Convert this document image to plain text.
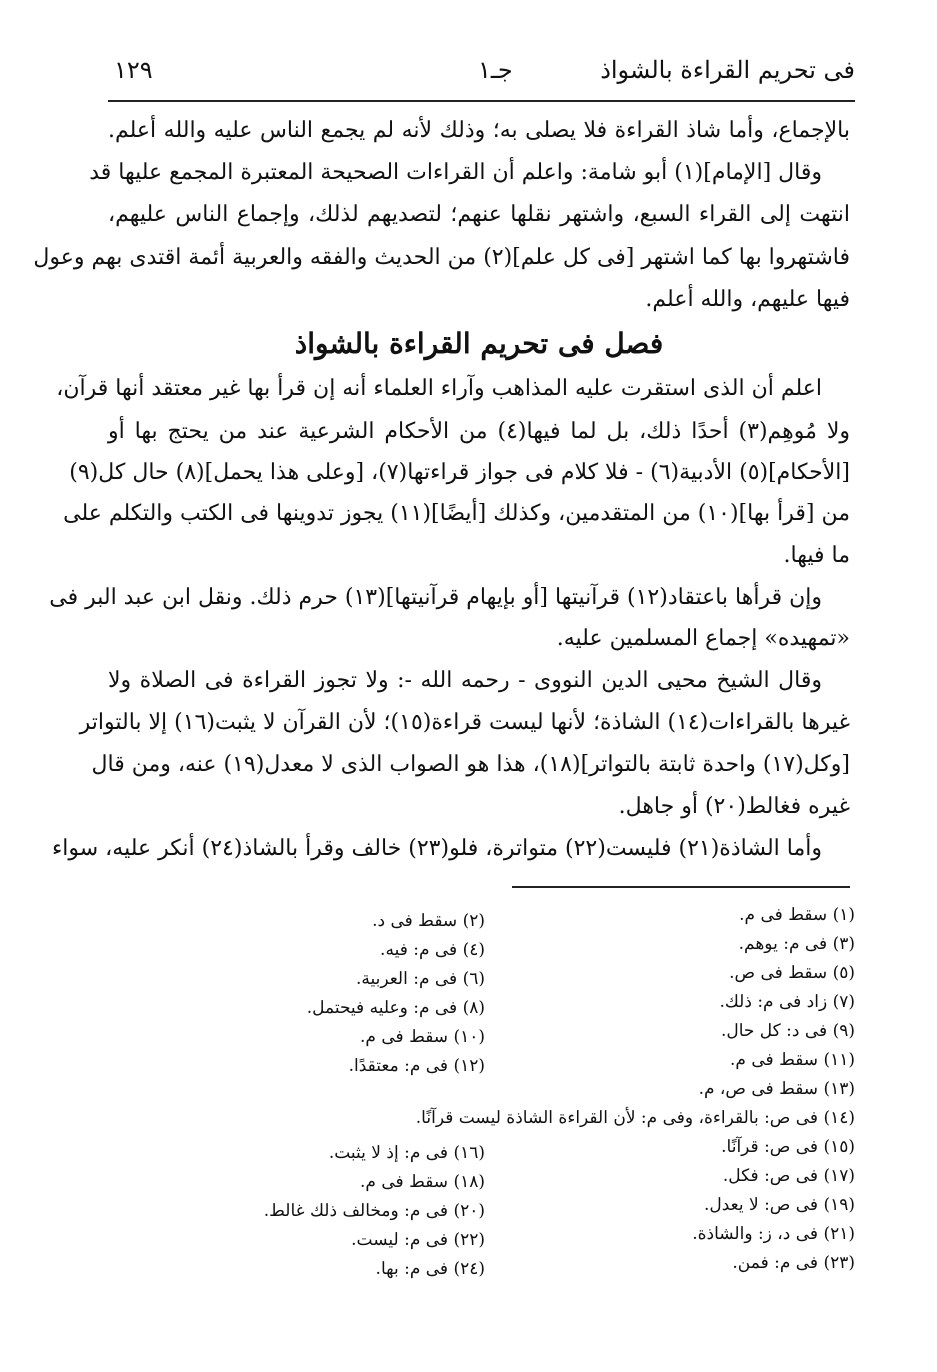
فى تحريم القراءة بالشواذ
جـ١
١٢٩

بالإجماع، وأما شاذ القراءة فلا يصلى به؛ وذلك لأنه لم يجمع الناس عليه والله أعلم.

وقال [الإمام](١) أبو شامة: واعلم أن القراءات الصحيحة المعتبرة المجمع عليها قد

انتهت إلى القراء السبع، واشتهر نقلها عنهم؛ لتصديهم لذلك، وإجماع الناس عليهم،

فاشتهروا بها كما اشتهر [فى كل علم](٢) من الحديث والفقه والعربية أئمة اقتدى بهم وعول

فيها عليهم، والله أعلم.

فصل فى تحريم القراءة بالشواذ

اعلم أن الذى استقرت عليه المذاهب وآراء العلماء أنه إن قرأ بها غير معتقد أنها قرآن،

ولا مُوهِم(٣) أحدًا ذلك، بل لما فيها(٤) من الأحكام الشرعية عند من يحتج بها أو

[الأحكام](٥) الأدبية(٦) - فلا كلام فى جواز قراءتها(٧)، [وعلى هذا يحمل](٨) حال كل(٩)

من [قرأ بها](١٠) من المتقدمين، وكذلك [أيضًا](١١) يجوز تدوينها فى الكتب والتكلم على

ما فيها.

وإن قرأها باعتقاد(١٢) قرآنيتها [أو بإيهام قرآنيتها](١٣) حرم ذلك. ونقل ابن عبد البر فى

«تمهيده» إجماع المسلمين عليه.

وقال الشيخ محيى الدين النووى - رحمه الله -: ولا تجوز القراءة فى الصلاة ولا

غيرها بالقراءات(١٤) الشاذة؛ لأنها ليست قراءة(١٥)؛ لأن القرآن لا يثبت(١٦) إلا بالتواتر

[وكل(١٧) واحدة ثابتة بالتواتر](١٨)، هذا هو الصواب الذى لا معدل(١٩) عنه، ومن قال

غيره فغالط(٢٠) أو جاهل.

وأما الشاذة(٢١) فليست(٢٢) متواترة، فلو(٢٣) خالف وقرأ بالشاذ(٢٤) أنكر عليه، سواء

(١) سقط فى م.
(٢) سقط فى د.
(٣) فى م: يوهم.
(٤) فى م: فيه.
(٥) سقط فى ص.
(٦) فى م: العربية.
(٧) زاد فى م: ذلك.
(٨) فى م: وعليه فيحتمل.
(٩) فى د: كل حال.
(١٠) سقط فى م.
(١١) سقط فى م.
(١٢) فى م: معتقدًا.
(١٣) سقط فى ص، م.
(١٤) فى ص: بالقراءة، وفى م: لأن القراءة الشاذة ليست قرآنًا.
(١٥) فى ص: قرآنًا.
(١٦) فى م: إذ لا يثبت.
(١٧) فى ص: فكل.
(١٨) سقط فى م.
(١٩) فى ص: لا يعدل.
(٢٠) فى م: ومخالف ذلك غالط.
(٢١) فى د، ز: والشاذة.
(٢٢) فى م: ليست.
(٢٣) فى م: فمن.
(٢٤) فى م: بها.
